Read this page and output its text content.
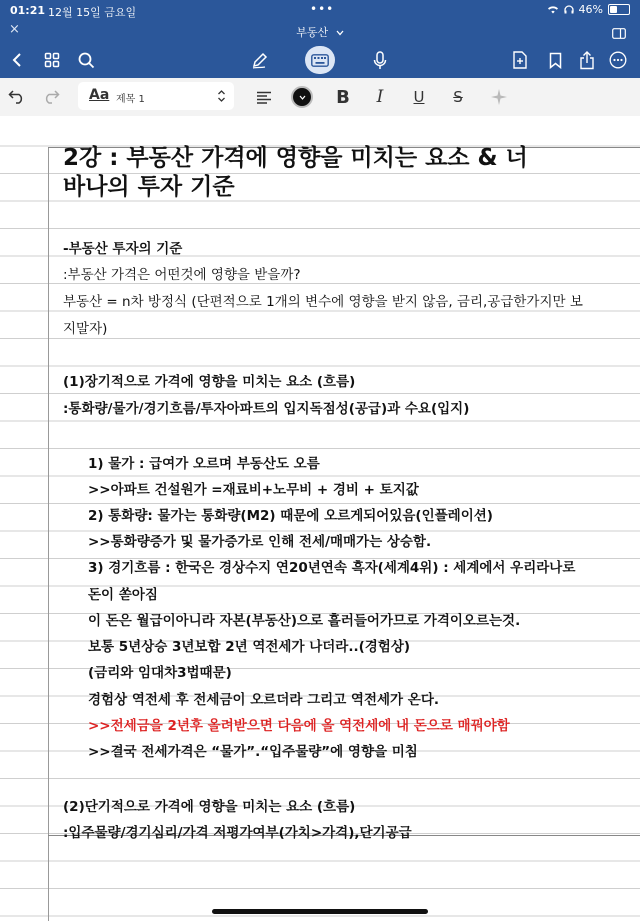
01:21 12월 15일 금요일	•••	46%
×	부동산
Aa 제목 1	B	I	U	S
2강 : 부동산 가격에 영향을 미치는 요소 & 너
바나의 투자 기준
-부동산 투자의 기준
:부동산 가격은 어떤것에 영향을 받을까?
부동산 = n차 방정식 (단편적으로 1개의 변수에 영향을 받지 않음, 금리,공급한가지만 보
지말자)
(1)장기적으로 가격에 영향을 미치는 요소 (흐름)
:통화량/물가/경기흐름/투자아파트의 입지독점성(공급)과 수요(입지)
1) 물가 : 급여가 오르며 부동산도 오름
>>아파트 건설원가 =재료비+노무비 + 경비 + 토지값
2) 통화량: 물가는 통화량(M2) 때문에 오르게되어있음(인플레이션)
>>통화량증가 및 물가증가로 인해 전세/매매가는 상승함.
3) 경기흐름 : 한국은 경상수지 연20년연속 흑자(세계4위) : 세계에서 우리라나로
돈이 쏟아짐
이 돈은 월급이아니라 자본(부동산)으로 흘러들어가므로 가격이오르는것.
보통 5년상승 3년보합 2년 역전세가 나더라..(경험상)
(금리와 임대차3법때문)
경험상 역전세 후 전세금이 오르더라 그리고 역전세가 온다.
>>전세금을 2년후 올려받으면 다음에 올 역전세에 내 돈으로 매꿔야함
>>결국 전세가격은 “물가”.“입주물량”에 영향을 미침
(2)단기적으로 가격에 영향을 미치는 요소 (흐름)
:입주물량/경기심리/가격 저평가여부(가치>가격),단기공급
